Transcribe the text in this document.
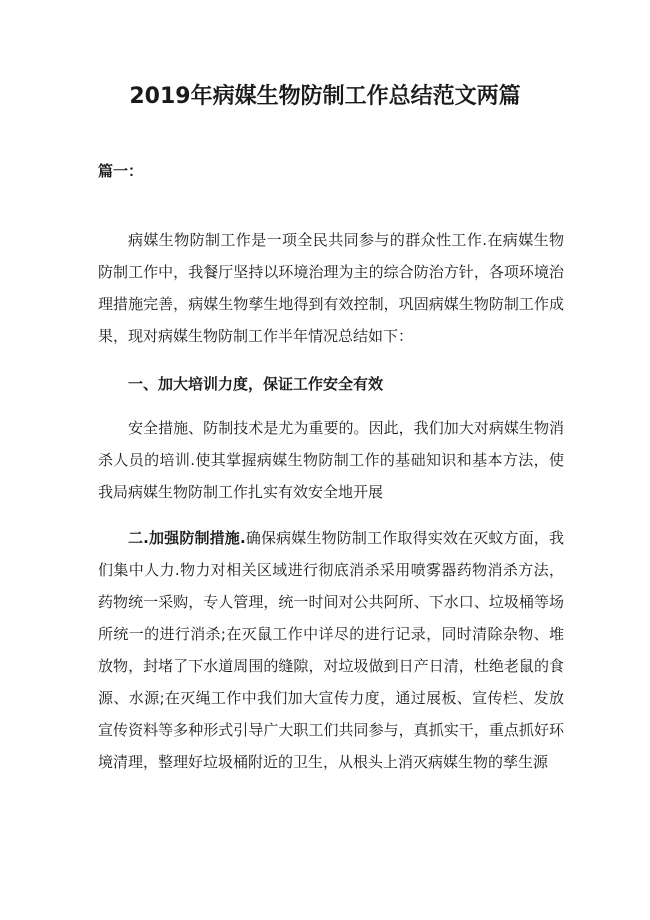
2019年病媒生物防制工作总结范文两篇
篇一：

病媒生物防制工作是一项全民共同参与的群众性工作.在病媒生物防制工作中，我餐厅坚持以环境治理为主的综合防治方针，各项环境治理措施完善，病媒生物孳生地得到有效控制，巩固病媒生物防制工作成果，现对病媒生物防制工作半年情况总结如下：

一、加大培训力度，保证工作安全有效

安全措施、防制技术是尤为重要的。因此，我们加大对病媒生物消杀人员的培训.使其掌握病媒生物防制工作的基础知识和基本方法，使我局病媒生物防制工作扎实有效安全地开展

二.加强防制措施.确保病媒生物防制工作取得实效在灭蚊方面，我们集中人力.物力对相关区域进行彻底消杀采用喷雾器药物消杀方法，药物统一采购，专人管理，统一时间对公共阿所、下水口、垃圾桶等场所统一的进行消杀;在灭鼠工作中详尽的进行记录，同时清除杂物、堆放物，封堵了下水道周围的缝隙，对垃圾做到日产日清，杜绝老鼠的食源、水源;在灭绳工作中我们加大宣传力度，通过展板、宣传栏、发放宣传资料等多种形式引导广大职工们共同参与，真抓实干，重点抓好环境清理，整理好垃圾桶附近的卫生，从根头上消灭病媒生物的孳生源
